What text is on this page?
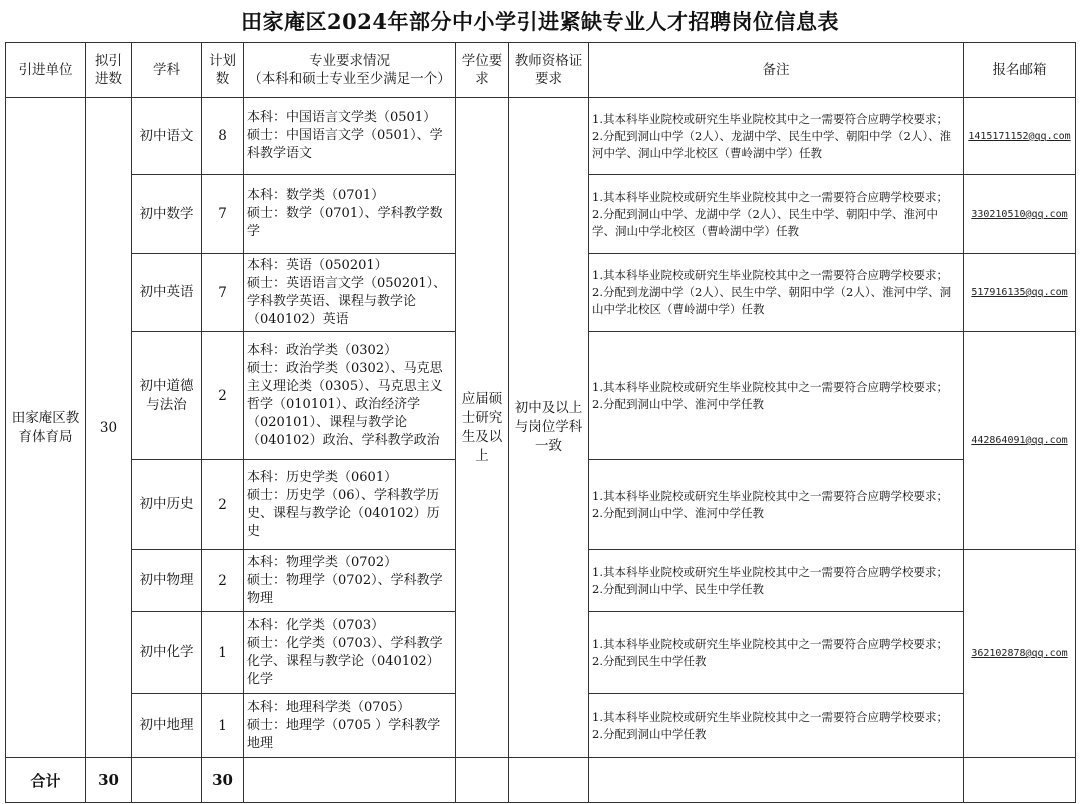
田家庵区2024年部分中小学引进紧缺专业人才招聘岗位信息表
引进单位	拟引进数	学科	计划数	专业要求情况
（本科和硕士专业至少满足一个）	学位要求	教师资格证要求	备注	报名邮箱
田家庵区教育体育局	30	初中语文	8	本科：中国语言文学类（0501）
硕士：中国语言文学（0501）、学科教学语文	应届硕士研究生及以上	初中及以上与岗位学科一致	1.其本科毕业院校或研究生毕业院校其中之一需要符合应聘学校要求；
2.分配到洞山中学（2人）、龙湖中学、民生中学、朝阳中学（2人）、淮河中学、洞山中学北校区（曹岭湖中学）任教	1415171152@qq.com
		初中数学	7	本科：数学类（0701）
硕士：数学（0701）、学科教学数学			1.其本科毕业院校或研究生毕业院校其中之一需要符合应聘学校要求；
2.分配到洞山中学、龙湖中学（2人）、民生中学、朝阳中学、淮河中学、洞山中学北校区（曹岭湖中学）任教	330210510@qq.com
		初中英语	7	本科：英语（050201）
硕士：英语语言文学（050201）、学科教学英语、课程与教学论（040102）英语			1.其本科毕业院校或研究生毕业院校其中之一需要符合应聘学校要求；
2.分配到龙湖中学（2人）、民生中学、朝阳中学（2人）、淮河中学、洞山中学北校区（曹岭湖中学）任教	517916135@qq.com
		初中道德与法治	2	本科：政治学类（0302）
硕士：政治学类（0302）、马克思主义理论类（0305）、马克思主义哲学（010101）、政治经济学（020101）、课程与教学论（040102）政治、学科教学政治			1.其本科毕业院校或研究生毕业院校其中之一需要符合应聘学校要求；
2.分配到洞山中学、淮河中学任教	442864091@qq.com
		初中历史	2	本科：历史学类（0601）
硕士：历史学（06）、学科教学历史、课程与教学论（040102）历史			1.其本科毕业院校或研究生毕业院校其中之一需要符合应聘学校要求；
2.分配到洞山中学、淮河中学任教	
		初中物理	2	本科：物理学类（0702）
硕士：物理学（0702）、学科教学物理			1.其本科毕业院校或研究生毕业院校其中之一需要符合应聘学校要求；
2.分配到洞山中学、民生中学任教	362102878@qq.com
		初中化学	1	本科：化学类（0703）
硕士：化学类（0703）、学科教学化学、课程与教学论（040102）化学			1.其本科毕业院校或研究生毕业院校其中之一需要符合应聘学校要求；
2.分配到民生中学任教	
		初中地理	1	本科：地理科学类（0705）
硕士：地理学（0705 ）学科教学地理			1.其本科毕业院校或研究生毕业院校其中之一需要符合应聘学校要求；
2.分配到洞山中学任教	
合计	30		30					
